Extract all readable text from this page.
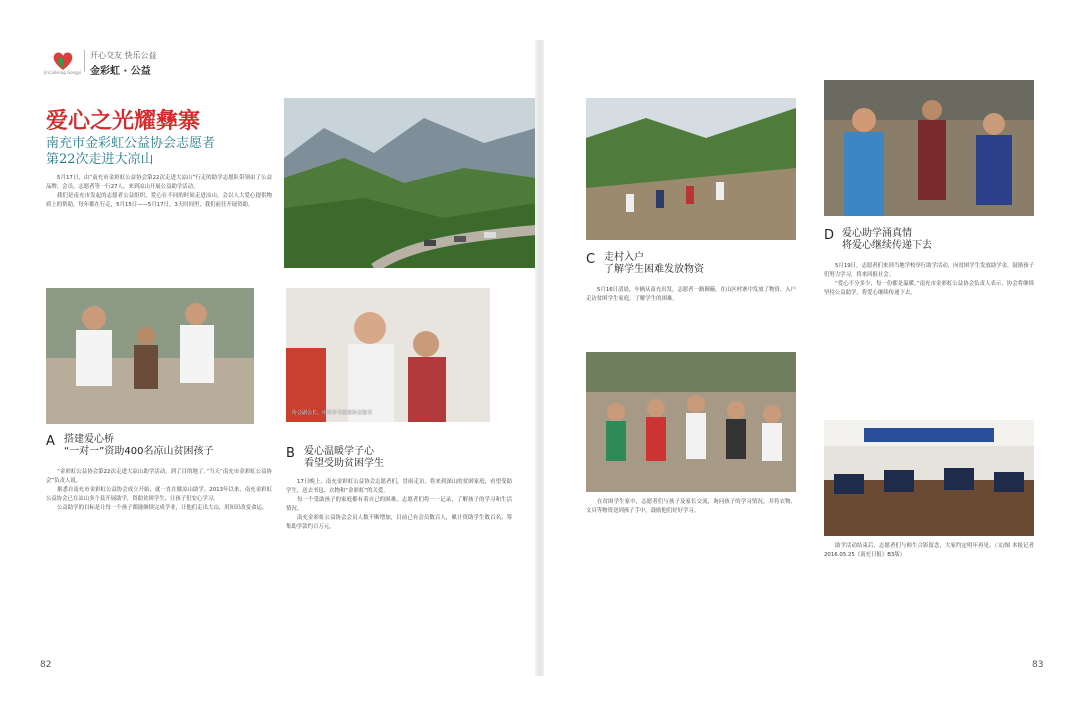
JinCaiHong Gongyi
开心交友 快乐公益
金彩虹 · 公益
爱心之光耀彝寨
南充市金彩虹公益协会志愿者
第22次走进大凉山

5月17日，由“南充市金彩虹公益协会第22次走进大凉山”行走的助学志愿队带领由了公益品牌。会员、志愿者等一行27人，来到凉山开展公益助学活动。

我们是南充市发起的志愿者公益组织，爱心在不同的时间走进凉山，会以人大爱心提供物质上的帮助，每年都在行走，5月15日——5月17日，3天时间里，我们前往开展资助。

协会副会长、南充市书法家协会秘书
A 搭建爱心桥
“一对一”资助400名凉山贫困孩子

“金彩虹公益协会第22次走进大凉山助学活动，到了目的地了。”当天“南充市金彩虹公益协会”负责人说。

据悉自南充市金彩虹公益协会成立开始，就一直在做凉山助学。2013年以来，南充金彩虹公益协会已在凉山多个县开展助学，资助贫困学生，让孩子们安心学习。

公益助学的目标是让每一个孩子都能继续完成学业，让他们走出大山，用知识改变命运。

B 爱心温暖学子心
看望受助贫困学生

17日晚上，南充金彩虹公益协会志愿者们，冒雨走访，将来到深山的贫困家庭，看望受助学生，送去书包、衣物和“金彩虹”的关爱。

每一个受助孩子的家庭都有着自己的困难，志愿者们将一一记录，了解孩子的学习和生活情况。

南充金彩虹公益协会会员人数不断增加，目前已有会员数百人，累计资助学生数百名，筹集助学款约百万元。

82
C 走村入户
了解学生困难发放物资

5月16日清晨，车辆从南充出发，志愿者一路颠簸，在山区村寨中发放了物资，入户走访贫困学生家庭，了解学生的困难。

在贫困学生家中，志愿者们与孩子及家长交流，询问孩子的学习情况，并将衣物、文具等物资送到孩子手中，鼓励他们好好学习。

D 爱心助学涌真情
将爱心继续传递下去

5月19日，志愿者们来到当地学校举行助学活动，向贫困学生发放助学金，鼓励孩子们努力学习，将来回报社会。

“爱心不分多少，每一份都是温暖。”南充市金彩虹公益协会负责人表示，协会将继续坚持公益助学，将爱心继续传递下去。

助学活动结束后，志愿者们与师生合影留念，大家约定明年再见。（文/图 本报记者 2016.05.25《南充日报》B3版）

83
